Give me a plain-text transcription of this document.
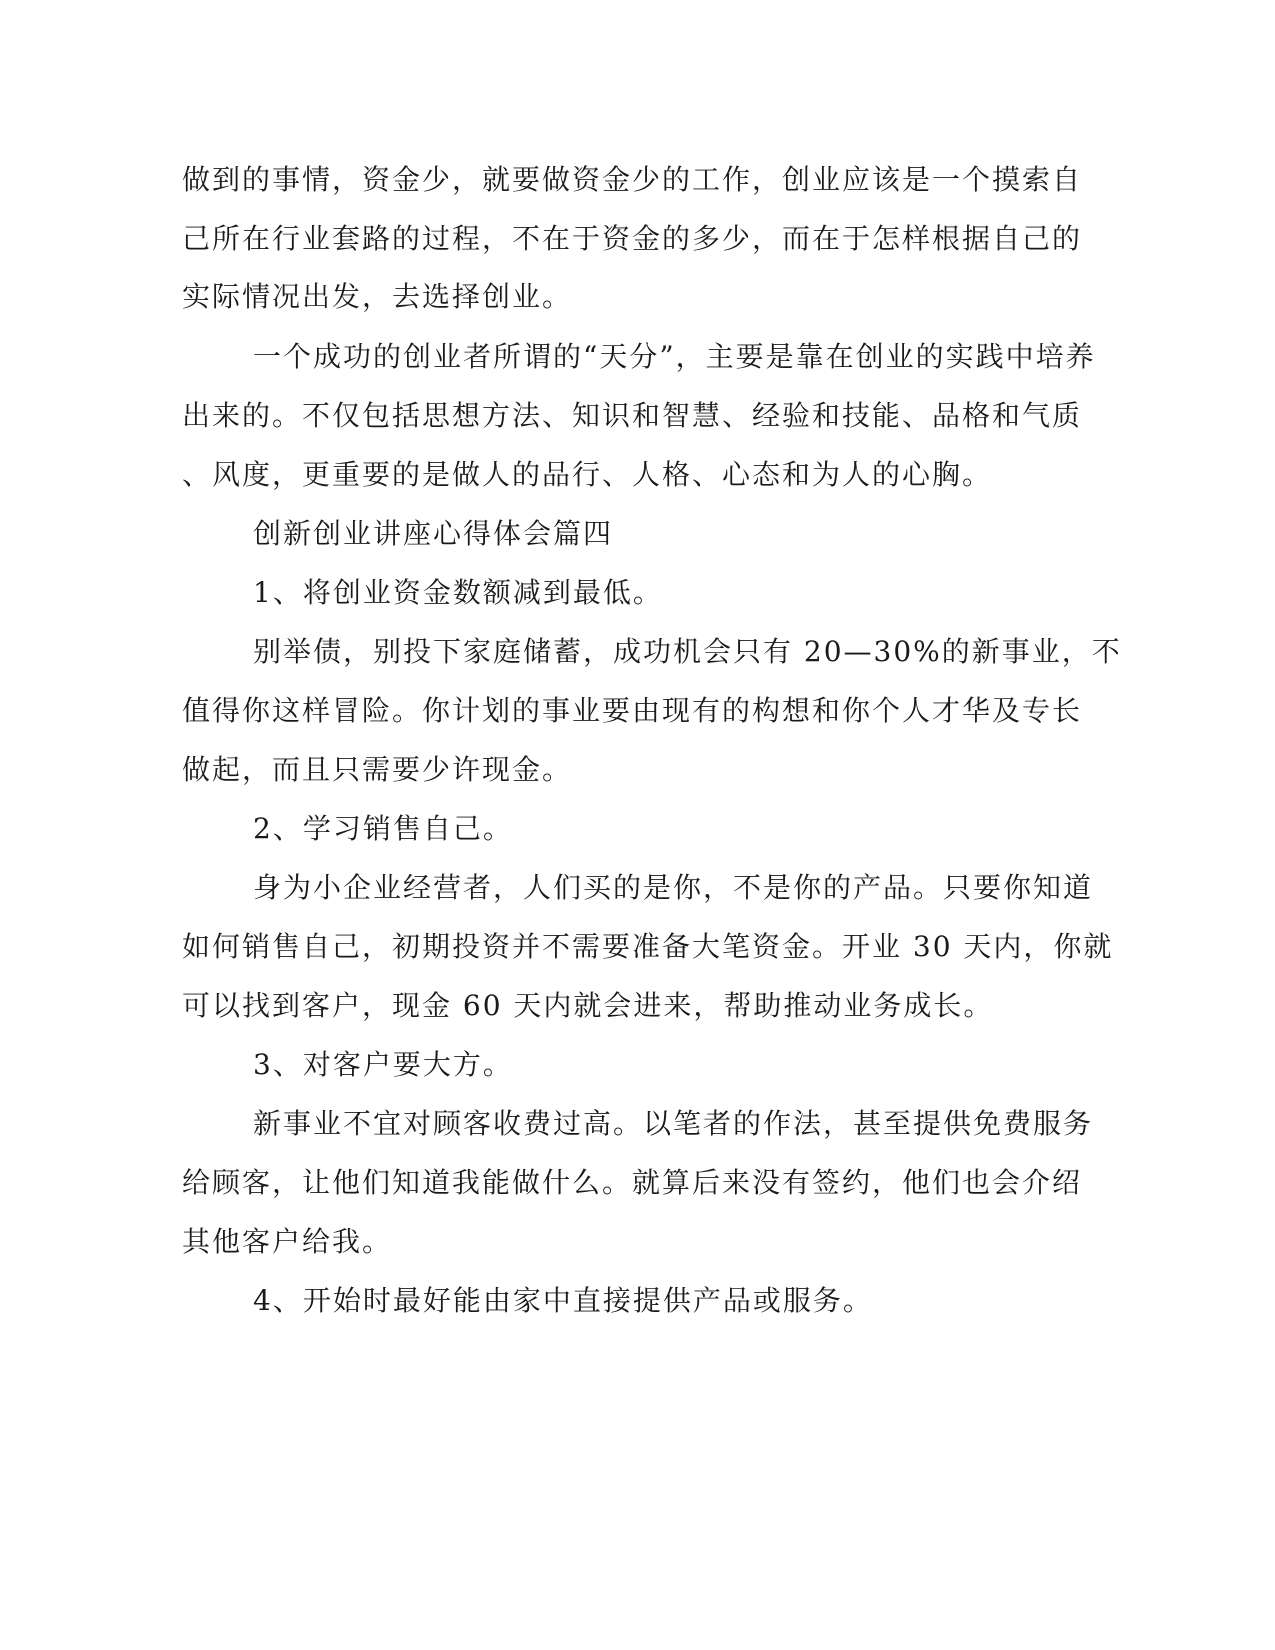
做到的事情，资金少，就要做资金少的工作，创业应该是一个摸索自
己所在行业套路的过程，不在于资金的多少，而在于怎样根据自己的
实际情况出发，去选择创业。
一个成功的创业者所谓的“天分”，主要是靠在创业的实践中培养
出来的。不仅包括思想方法、知识和智慧、经验和技能、品格和气质
、风度，更重要的是做人的品行、人格、心态和为人的心胸。
创新创业讲座心得体会篇四
1、将创业资金数额减到最低。
别举债，别投下家庭储蓄，成功机会只有 20—30%的新事业，不
值得你这样冒险。你计划的事业要由现有的构想和你个人才华及专长
做起，而且只需要少许现金。
2、学习销售自己。
身为小企业经营者，人们买的是你，不是你的产品。只要你知道
如何销售自己，初期投资并不需要准备大笔资金。开业 30 天内，你就
可以找到客户，现金 60 天内就会进来，帮助推动业务成长。
3、对客户要大方。
新事业不宜对顾客收费过高。以笔者的作法，甚至提供免费服务
给顾客，让他们知道我能做什么。就算后来没有签约，他们也会介绍
其他客户给我。
4、开始时最好能由家中直接提供产品或服务。
